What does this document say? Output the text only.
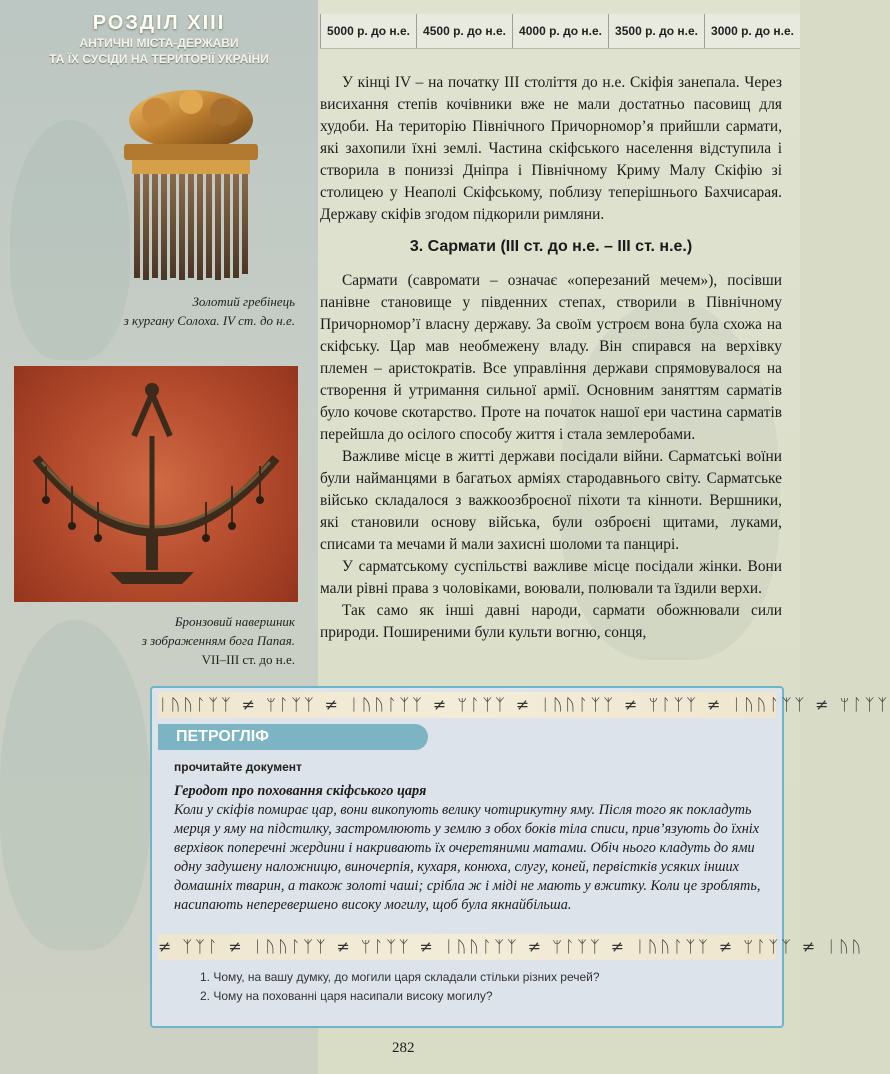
РОЗДІЛ XIII
АНТИЧНІ МІСТА-ДЕРЖАВИ
ТА ЇХ СУСІДИ НА ТЕРИТОРІЇ УКРАЇНИ
5000 р. до н.е.	4500 р. до н.е.	4000 р. до н.е.	3500 р. до н.е.	3000 р. до н.е.
Золотий гребінець
з кургану Солоха. IV ст. до н.е.
Бронзовий навершник
з зображенням бога Папая.
VII–III ст. до н.е.

У кінці IV – на початку III століття до н.е. Скіфія занепала. Через висихання степів кочівники вже не мали достатньо пасовищ для худоби. На територію Північного Причорномор’я прийшли сармати, які захопили їхні землі. Частина скіфського населення відступила і створила в пониззі Дніпра і Північному Криму Малу Скіфію зі столицею у Неаполі Скіфському, поблизу теперішнього Бахчисарая. Державу скіфів згодом підкорили римляни.

3. Сармати (III ст. до н.е. – III ст. н.е.)

Сармати (савромати – означає «оперезаний мечем»), посівши панівне становище у південних степах, створили в Північному Причорномор’ї власну державу. За своїм устроєм вона була схожа на скіфську. Цар мав необмежену владу. Він спирався на верхівку племен – аристократів. Все управління держави спрямовувалося на створення й утримання сильної армії. Основним заняттям сарматів було кочове скотарство. Проте на початок нашої ери частина сарматів перейшла до осілого способу життя і стала землеробами.

Важливе місце в житті держави посідали війни. Сарматські воїни були найманцями в багатьох арміях стародавнього світу. Сарматське військо складалося з важкоозброєної піхоти та кінноти. Вершники, які становили основу війська, були озброєні щитами, луками, списами та мечами й мали захисні шоломи та панцирі.

У сарматському суспільстві важливе місце посідали жінки. Вони мали рівні права з чоловіками, воювали, полювали та їздили верхи.

Так само як інші давні народи, сармати обожнювали сили природи. Поширеними були культи вогню, сонця,

ᛁᚢᚢᛚᛉᛉ ≠ ᛘᛚᛉᛉ ≠ ᛁᚢᚢᛚᛉᛉ ≠ ᛘᛚᛉᛉ ≠ ᛁᚢᚢᛚᛉᛉ ≠ ᛘᛚᛉᛉ ≠ ᛁᚢᚢᛚᛉᛉ ≠ ᛘᛚᛉᛉ
ПЕТРОГЛІФ
прочитайте документ
Геродот про поховання скіфського царя
Коли у скіфів помирає цар, вони викопують велику чотирикутну яму. Після того як покладуть мерця у яму на підстилку, застромлюють у землю з обох боків тіла списи, прив’язують до їхніх верхівок поперечні жердини і накривають їх очеретяними матами. Обіч нього кладуть до ями одну задушену наложницю, виночерпія, кухаря, конюха, слугу, коней, первістків усяких інших домашніх тварин, а також золоті чаші; срібла ж і міді не мають у вжитку. Коли це зроблять, насипають неперевершено високу могилу, щоб була якнайбільша.
≠ ᛉᛉᛚ ≠ ᛁᚢᚢᛚᛉᛉ ≠ ᛘᛚᛉᛉ ≠ ᛁᚢᚢᛚᛉᛉ ≠ ᛘᛚᛉᛉ ≠ ᛁᚢᚢᛚᛉᛉ ≠ ᛘᛚᛉᛉ ≠ ᛁᚢᚢ
1. Чому, на вашу думку, до могили царя складали стільки різних речей?
2. Чому на похованні царя насипали високу могилу?
282
